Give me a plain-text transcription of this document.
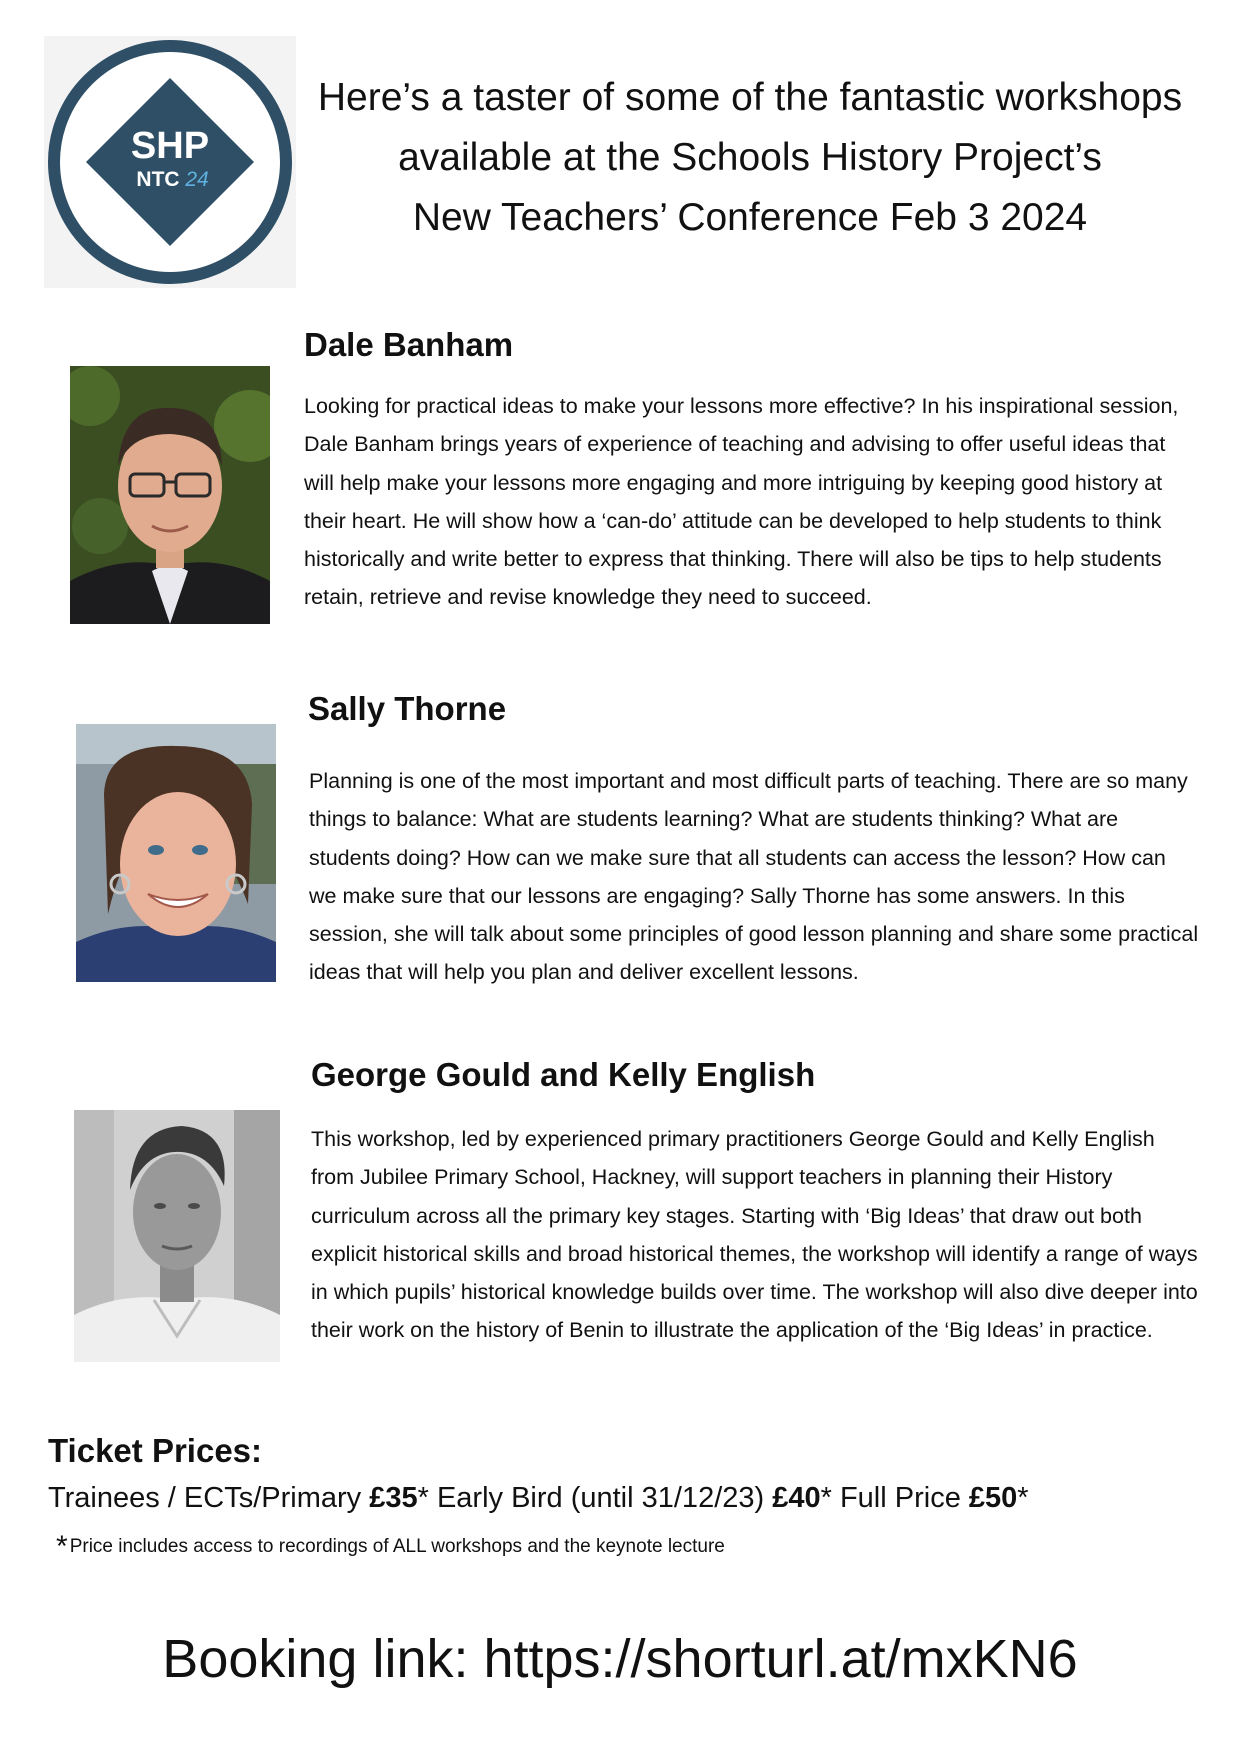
SHP
NTC 24
Here’s a taster of some of the fantastic workshops
available at the Schools History Project’s
New Teachers’ Conference Feb 3 2024
Dale Banham
Looking for practical ideas to make your lessons more effective? In his inspirational session, Dale Banham brings years of experience of teaching and advising to offer useful ideas that will help make your lessons more engaging and more intriguing by keeping good history at their heart. He will show how a ‘can-do’ attitude can be developed to help students to think historically and write better to express that thinking. There will also be tips to help students retain, retrieve and revise knowledge they need to succeed.
Sally Thorne
Planning is one of the most important and most difficult parts of teaching. There are so many things to balance: What are students learning? What are students thinking? What are students doing? How can we make sure that all students can access the lesson? How can we make sure that our lessons are engaging? Sally Thorne has some answers. In this session, she will talk about some principles of good lesson planning and share some practical ideas that will help you plan and deliver excellent lessons.
George Gould and Kelly English
This workshop, led by experienced primary practitioners George Gould and Kelly English from Jubilee Primary School, Hackney, will support teachers in planning their History curriculum across all the primary key stages. Starting with ‘Big Ideas’ that draw out both explicit historical skills and broad historical themes, the workshop will identify a range of ways in which pupils’ historical knowledge builds over time. The workshop will also dive deeper into their work on the history of Benin to illustrate the application of the ‘Big Ideas’ in practice.
Ticket Prices:
Trainees / ECTs/Primary £35* Early Bird (until 31/12/23) £40* Full Price £50*
* Price includes access to recordings of ALL workshops and the keynote lecture
Booking link: https://shorturl.at/mxKN6
